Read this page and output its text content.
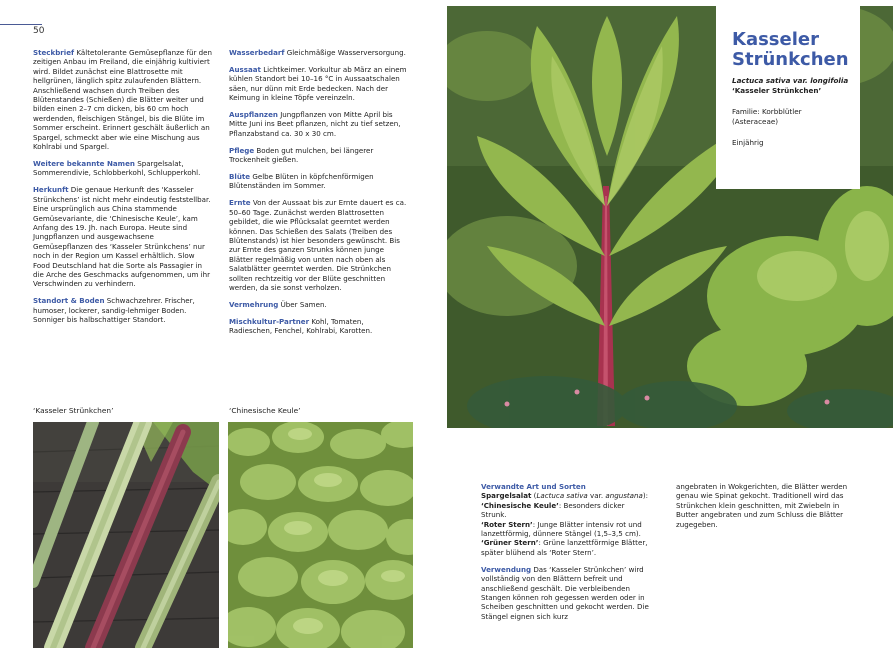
50

Steckbrief Kältetolerante Gemüsepflanze für den zeitigen Anbau im Freiland, die einjährig kultiviert wird. Bildet zunächst eine Blattrosette mit hellgrünen, länglich spitz zulaufenden Blättern. Anschließend wachsen durch Treiben des Blütenstandes (Schießen) die Blätter weiter und bilden einen 2–7 cm dicken, bis 60 cm hoch werdenden, fleischigen Stängel, bis die Blüte im Sommer erscheint. Erinnert geschält äußerlich an Spargel, schmeckt aber wie eine Mischung aus Kohlrabi und Spargel.

Weitere bekannte Namen Spargelsalat, Sommerendivie, Schlobberkohl, Schlupperkohl.

Herkunft Die genaue Herkunft des ‘Kasseler Strünkchens’ ist nicht mehr eindeutig feststellbar. Eine ursprünglich aus China stammende Gemüsevariante, die ‘Chinesische Keule’, kam Anfang des 19. Jh. nach Europa. Heute sind Jungpflanzen und ausgewachsene Gemüsepflanzen des ‘Kasseler Strünkchens’ nur noch in der Region um Kassel erhältlich. Slow Food Deutschland hat die Sorte als Passagier in die Arche des Geschmacks aufgenommen, um ihr Verschwinden zu verhindern.

Standort & Boden Schwachzehrer. Frischer, humoser, lockerer, sandig-lehmiger Boden. Sonniger bis halbschattiger Standort.

Wasserbedarf Gleichmäßige Wasserversorgung.

Aussaat Lichtkeimer. Vorkultur ab März an einem kühlen Standort bei 10–16 °C in Aussaatschalen säen, nur dünn mit Erde bedecken. Nach der Keimung in kleine Töpfe vereinzeln.

Auspflanzen Jungpflanzen von Mitte April bis Mitte Juni ins Beet pflanzen, nicht zu tief setzen, Pflanzabstand ca. 30 x 30 cm.

Pflege Boden gut mulchen, bei längerer Trockenheit gießen.

Blüte Gelbe Blüten in köpfchenförmigen Blütenständen im Sommer.

Ernte Von der Aussaat bis zur Ernte dauert es ca. 50–60 Tage. Zunächst werden Blattrosetten gebildet, die wie Pflücksalat geerntet werden können. Das Schießen des Salats (Treiben des Blütenstands) ist hier besonders gewünscht. Bis zur Ernte des ganzen Strunks können junge Blätter regelmäßig von unten nach oben als Salatblätter geerntet werden. Die Strünkchen sollten rechtzeitig vor der Blüte geschnitten werden, da sie sonst verholzen.

Vermehrung Über Samen.

Mischkultur-Partner Kohl, Tomaten, Radieschen, Fenchel, Kohlrabi, Karotten.

‘Kasseler Strünkchen’	‘Chinesische Keule’
Kasseler
Strünkchen
Lactuca sativa var. longifolia
‘Kasseler Strünkchen’
Familie: Korbblütler
(Asteraceae)
Einjährig

Verwandte Art und Sorten
Spargelsalat (Lactuca sativa var. angustana):
‘Chinesische Keule’: Besonders dicker Strunk.
‘Roter Stern’: Junge Blätter intensiv rot und lanzettförmig, dünnere Stängel (1,5–3,5 cm).
‘Grüner Stern’: Grüne lanzettförmige Blätter, später blühend als ‘Roter Stern’.

Verwendung Das ‘Kasseler Strünkchen’ wird vollständig von den Blättern befreit und anschließend geschält. Die verbleibenden Stangen können roh gegessen werden oder in Scheiben geschnitten und gekocht werden. Die Stängel eignen sich kurz

angebraten in Wokgerichten, die Blätter werden genau wie Spinat gekocht. Traditionell wird das Strünkchen klein geschnitten, mit Zwiebeln in Butter angebraten und zum Schluss die Blätter zugegeben.
